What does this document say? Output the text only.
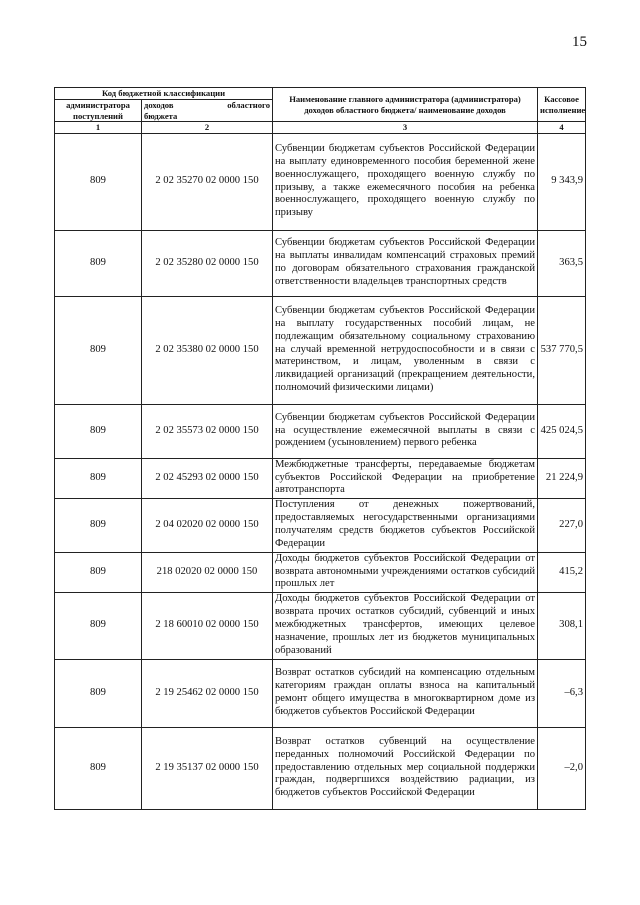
15
Код бюджетной классификации		Наименование главного администратора (администратора) доходов областного бюджета/ наименование доходов	Кассовое исполнение
администратора поступлений	доходов областного
бюджета		

1	2	3	4
809	2 02 35270 02 0000 150	Субвенции бюджетам субъектов Российской Федерации на выплату единовременного пособия беременной жене военнослужащего, проходящего военную службу по призыву, а также ежемесячного пособия на ребенка военнослужащего, проходящего военную службу по призыву	9 343,9
809	2 02 35280 02 0000 150	Субвенции бюджетам субъектов Российской Федерации на выплаты инвалидам компенсаций страховых премий по договорам обязательного страхования гражданской ответственности владельцев транспортных средств	363,5
809	2 02 35380 02 0000 150	Субвенции бюджетам субъектов Российской Федерации на выплату государственных пособий лицам, не подлежащим обязательному социальному страхованию на случай временной нетрудоспособности и в связи с материнством, и лицам, уволенным в связи с ликвидацией организаций (прекращением деятельности, полномочий физическими лицами)	537 770,5
809	2 02 35573 02 0000 150	Субвенции бюджетам субъектов Российской Федерации на осуществление ежемесячной выплаты в связи с рождением (усыновлением) первого ребенка	425 024,5
809	2 02 45293 02 0000 150	Межбюджетные трансферты, передаваемые бюджетам субъектов Российской Федерации на приобретение автотранспорта	21 224,9
809	2 04 02020 02 0000 150	Поступления от денежных пожертвований, предоставляемых негосударственными организациями получателям средств бюджетов субъектов Российской Федерации	227,0
809	218 02020 02 0000 150	Доходы бюджетов субъектов Российской Федерации от возврата автономными учреждениями остатков субсидий прошлых лет	415,2
809	2 18 60010 02 0000 150	Доходы бюджетов субъектов Российской Федерации от возврата прочих остатков субсидий, субвенций и иных межбюджетных трансфертов, имеющих целевое назначение, прошлых лет из бюджетов муниципальных образований	308,1
809	2 19 25462 02 0000 150	Возврат остатков субсидий на компенсацию отдельным категориям граждан оплаты взноса на капитальный ремонт общего имущества в многоквартирном доме из бюджетов субъектов Российской Федерации	–6,3
809	2 19 35137 02 0000 150	Возврат остатков субвенций на осуществление переданных полномочий Российской Федерации по предоставлению отдельных мер социальной поддержки граждан, подвергшихся воздействию радиации, из бюджетов субъектов Российской Федерации	–2,0
